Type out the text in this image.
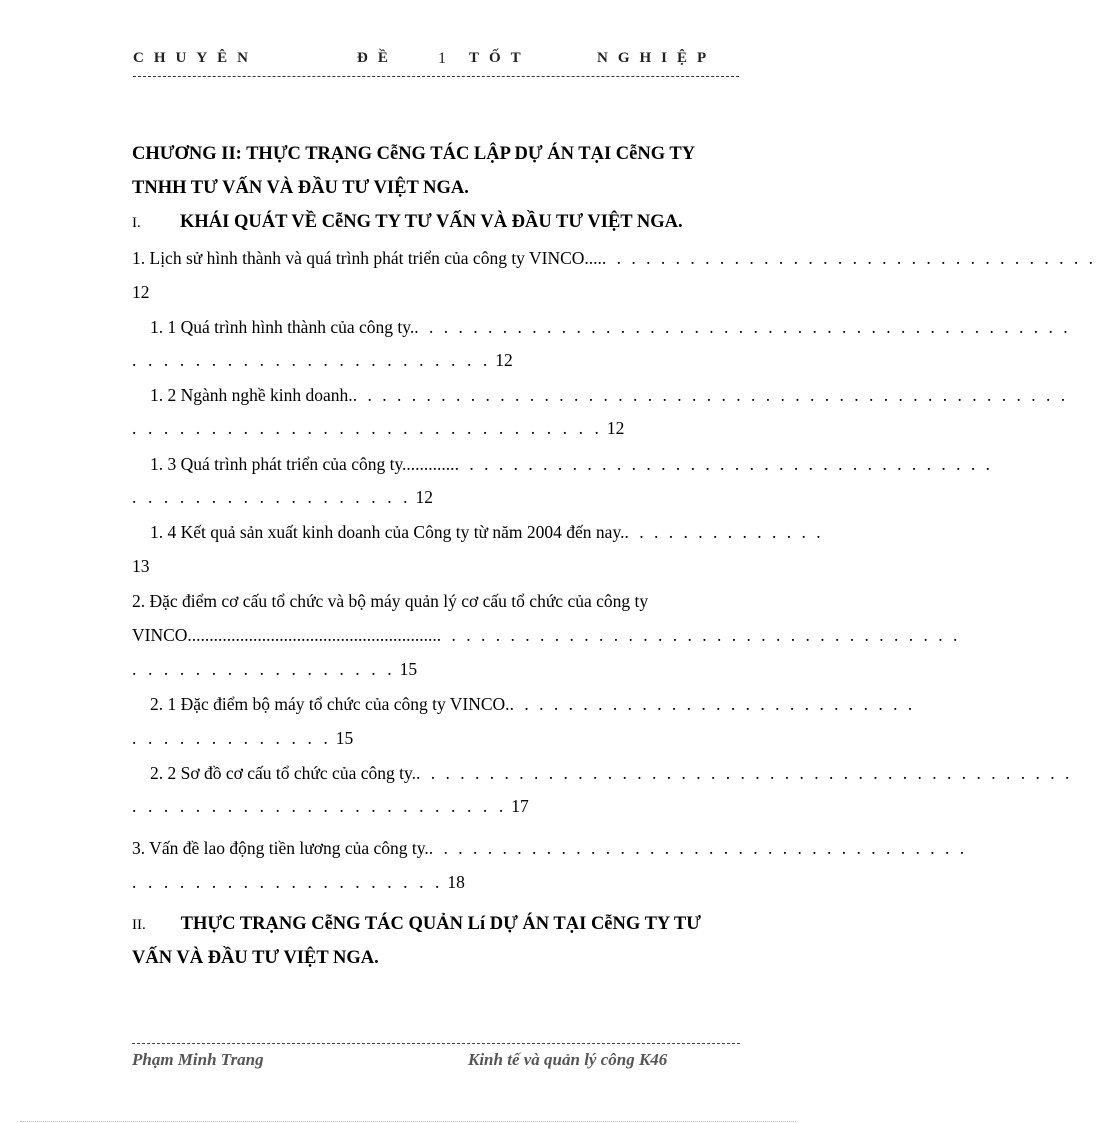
CHUYÊN	ĐỀ	1 TỐT	NGHIỆP
CHƯƠNG II: THỰC TRẠNG CễNG TÁC LẬP DỰ ÁN TẠI CễNG TY
TNHH TƯ VẤN VÀ ĐẦU TƯ VIỆT NGA.
I. KHÁI QUÁT VỀ CễNG TY TƯ VẤN VÀ ĐẦU TƯ VIỆT NGA.
1. Lịch sử hình thành và quá trình phát triển của công ty VINCO.... . . . . . . . . . . . . . . . . . . . . . . . . . . . . . . . . . .
12
1. 1 Quá trình hình thành của công ty. . . . . . . . . . . . . . . . . . . . . . . . . . . . . . . . . . . . . . . . . . . . . .
. . . . . . . . . . . . . . . . . . . . . . . 12
1. 2 Ngành nghề kinh doanh. . . . . . . . . . . . . . . . . . . . . . . . . . . . . . . . . . . . . . . . . . . . . . . . . .
. . . . . . . . . . . . . . . . . . . . . . . . . . . . . . 12
1. 3 Quá trình phát triển của công ty............ . . . . . . . . . . . . . . . . . . . . . . . . . . . . . . . . . . . . .
. . . . . . . . . . . . . . . . . . 12
1. 4 Kết quả sản xuất kinh doanh của Công ty từ năm 2004 đến nay. . . . . . . . . . . . . . .
13
2. Đặc điểm cơ cấu tổ chức và bộ máy quản lý cơ cấu tổ chức của công ty
VINCO......................................................... . . . . . . . . . . . . . . . . . . . . . . . . . . . . . . . . . . . .
. . . . . . . . . . . . . . . . . 15
2. 1 Đặc điểm bộ máy tổ chức của công ty VINCO. . . . . . . . . . . . . . . . . . . . . . . . . . . . .
. . . . . . . . . . . . . 15
2. 2 Sơ đồ cơ cấu tổ chức của công ty. . . . . . . . . . . . . . . . . . . . . . . . . . . . . . . . . . . . . . . . . . . . . .
. . . . . . . . . . . . . . . . . . . . . . . . 17
3. Vấn đề lao động tiền lương của công ty. . . . . . . . . . . . . . . . . . . . . . . . . . . . . . . . . . . . . .
. . . . . . . . . . . . . . . . . . . . 18
II. THỰC TRẠNG CễNG TÁC QUẢN Lí DỰ ÁN TẠI CễNG TY TƯ
VẤN VÀ ĐẦU TƯ VIỆT NGA.
Phạm Minh Trang	Kinh tế và quản lý công K46
